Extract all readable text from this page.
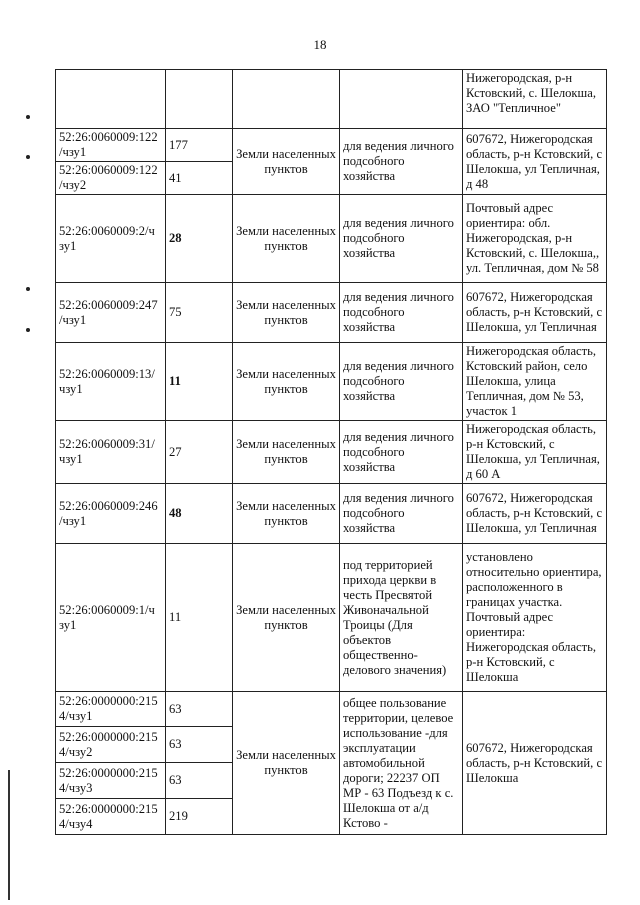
18
				Нижегородская, р-н Кстовский, с. Шелокша, ЗАО "Тепличное"
52:26:0060009:122 /чзу1	177	Земли населенных пунктов	для ведения личного подсобного хозяйства	607672, Нижегородская область, р-н Кстовский, с Шелокша, ул Тепличная, д 48
52:26:0060009:122 /чзу2	41			
52:26:0060009:2/ч зу1	28	Земли населенных пунктов	для ведения личного подсобного хозяйства	Почтовый адрес ориентира: обл. Нижегородская, р-н Кстовский, с. Шелокша,, ул. Тепличная, дом № 58
52:26:0060009:247 /чзу1	75	Земли населенных пунктов	для ведения личного подсобного хозяйства	607672, Нижегородская область, р-н Кстовский, с Шелокша, ул Тепличная
52:26:0060009:13/ чзу1	11	Земли населенных пунктов	для ведения личного подсобного хозяйства	Нижегородская область, Кстовский район, село Шелокша, улица Тепличная, дом № 53, участок 1
52:26:0060009:31/ чзу1	27	Земли населенных пунктов	для ведения личного подсобного хозяйства	Нижегородская область, р-н Кстовский, с Шелокша, ул Тепличная, д 60 А
52:26:0060009:246 /чзу1	48	Земли населенных пунктов	для ведения личного подсобного хозяйства	607672, Нижегородская область, р-н Кстовский, с Шелокша, ул Тепличная
52:26:0060009:1/ч зу1	11	Земли населенных пунктов	под территорией прихода церкви в честь Пресвятой Живоначальной Троицы (Для объектов общественно-делового значения)	установлено относительно ориентира, расположенного в границах участка. Почтовый адрес ориентира: Нижегородская область, р-н Кстовский, с Шелокша
52:26:0000000:215 4/чзу1	63	Земли населенных пунктов	общее пользование территории, целевое использование -для эксплуатации автомобильной дороги; 22237 ОП МР - 63 Подъезд к с. Шелокша от а/д Кстово -	607672, Нижегородская область, р-н Кстовский, с Шелокша
52:26:0000000:215 4/чзу2	63			
52:26:0000000:215 4/чзу3	63			
52:26:0000000:215 4/чзу4	219			
